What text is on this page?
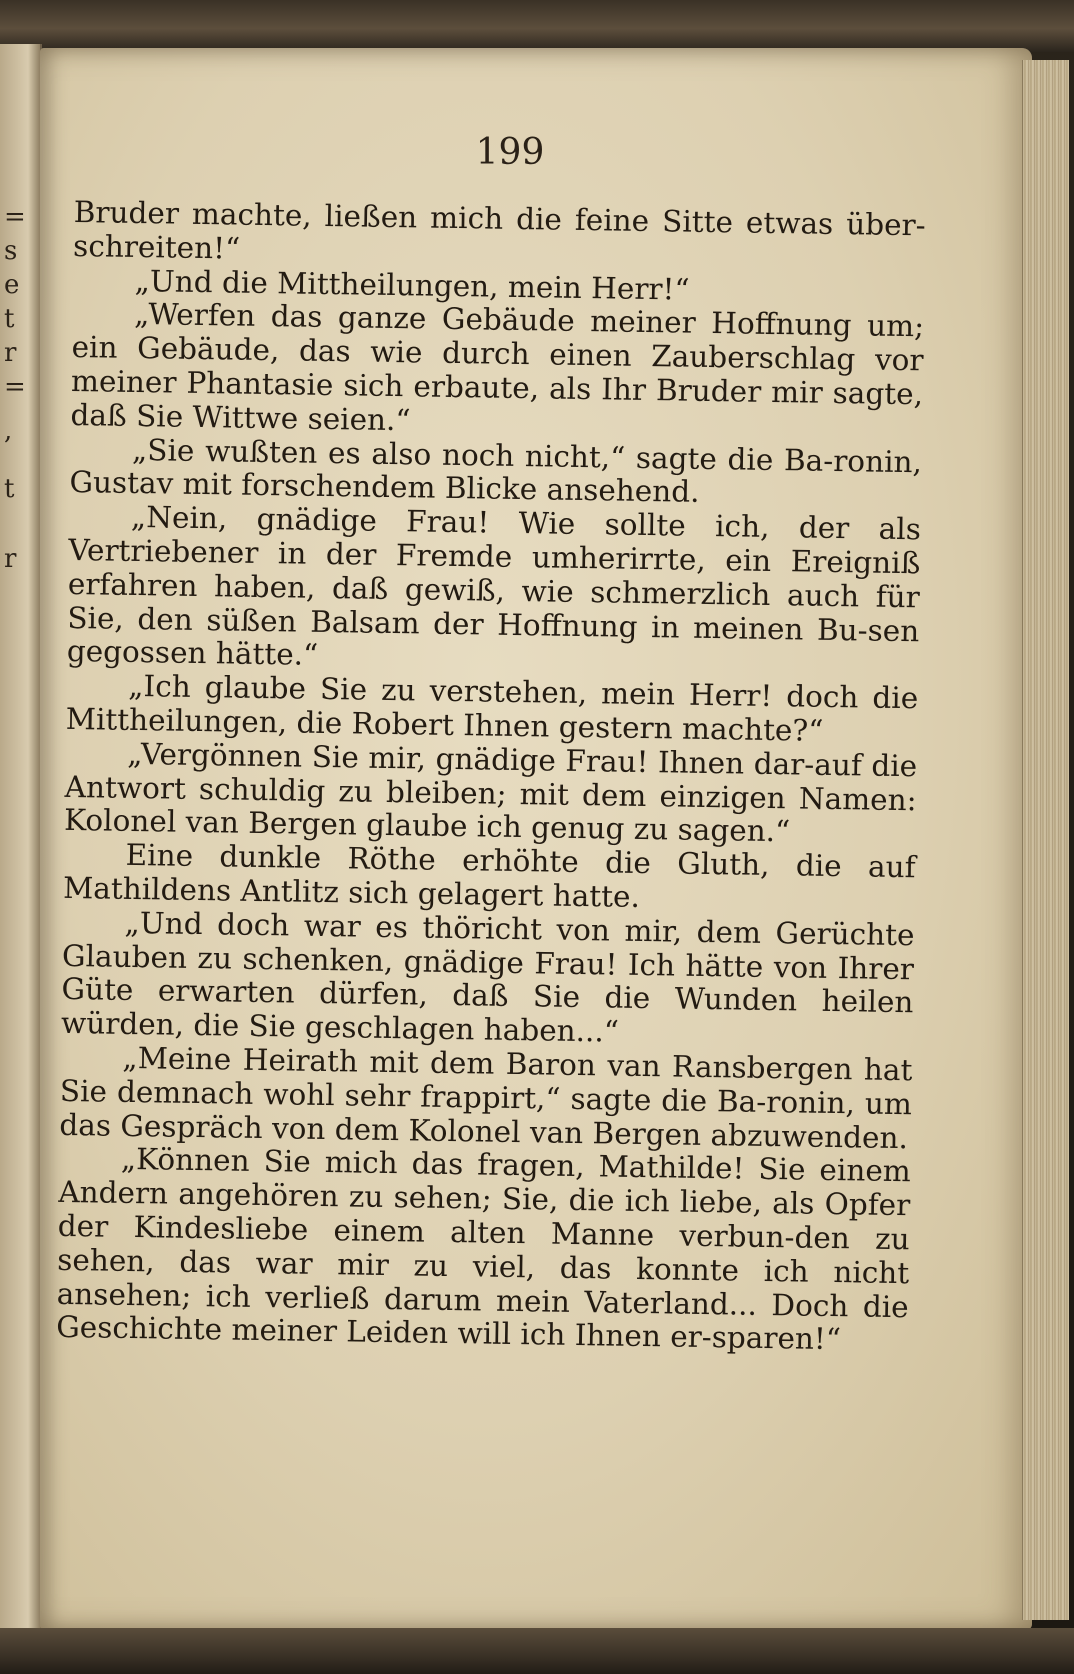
=
s
e
t
r
=
,
t
r
199

Bruder machte, ließen mich die feine Sitte etwas über-schreiten!“

„Und die Mittheilungen, mein Herr!“

„Werfen das ganze Gebäude meiner Hoffnung um; ein Gebäude, das wie durch einen Zauberschlag vor meiner Phantasie sich erbaute, als Ihr Bruder mir sagte, daß Sie Wittwe seien.“

„Sie wußten es also noch nicht,“ sagte die Ba-ronin, Gustav mit forschendem Blicke ansehend.

„Nein, gnädige Frau! Wie sollte ich, der als Vertriebener in der Fremde umherirrte, ein Ereigniß erfahren haben, daß gewiß, wie schmerzlich auch für Sie, den süßen Balsam der Hoffnung in meinen Bu-sen gegossen hätte.“

„Ich glaube Sie zu verstehen, mein Herr! doch die Mittheilungen, die Robert Ihnen gestern machte?“

„Vergönnen Sie mir, gnädige Frau! Ihnen dar-auf die Antwort schuldig zu bleiben; mit dem einzigen Namen: Kolonel van Bergen glaube ich genug zu sagen.“

Eine dunkle Röthe erhöhte die Gluth, die auf Mathildens Antlitz sich gelagert hatte.

„Und doch war es thöricht von mir, dem Gerüchte Glauben zu schenken, gnädige Frau! Ich hätte von Ihrer Güte erwarten dürfen, daß Sie die Wunden heilen würden, die Sie geschlagen haben...“

„Meine Heirath mit dem Baron van Ransbergen hat Sie demnach wohl sehr frappirt,“ sagte die Ba-ronin, um das Gespräch von dem Kolonel van Bergen abzuwenden.

„Können Sie mich das fragen, Mathilde! Sie einem Andern angehören zu sehen; Sie, die ich liebe, als Opfer der Kindesliebe einem alten Manne verbun-den zu sehen, das war mir zu viel, das konnte ich nicht ansehen; ich verließ darum mein Vaterland... Doch die Geschichte meiner Leiden will ich Ihnen er-sparen!“
